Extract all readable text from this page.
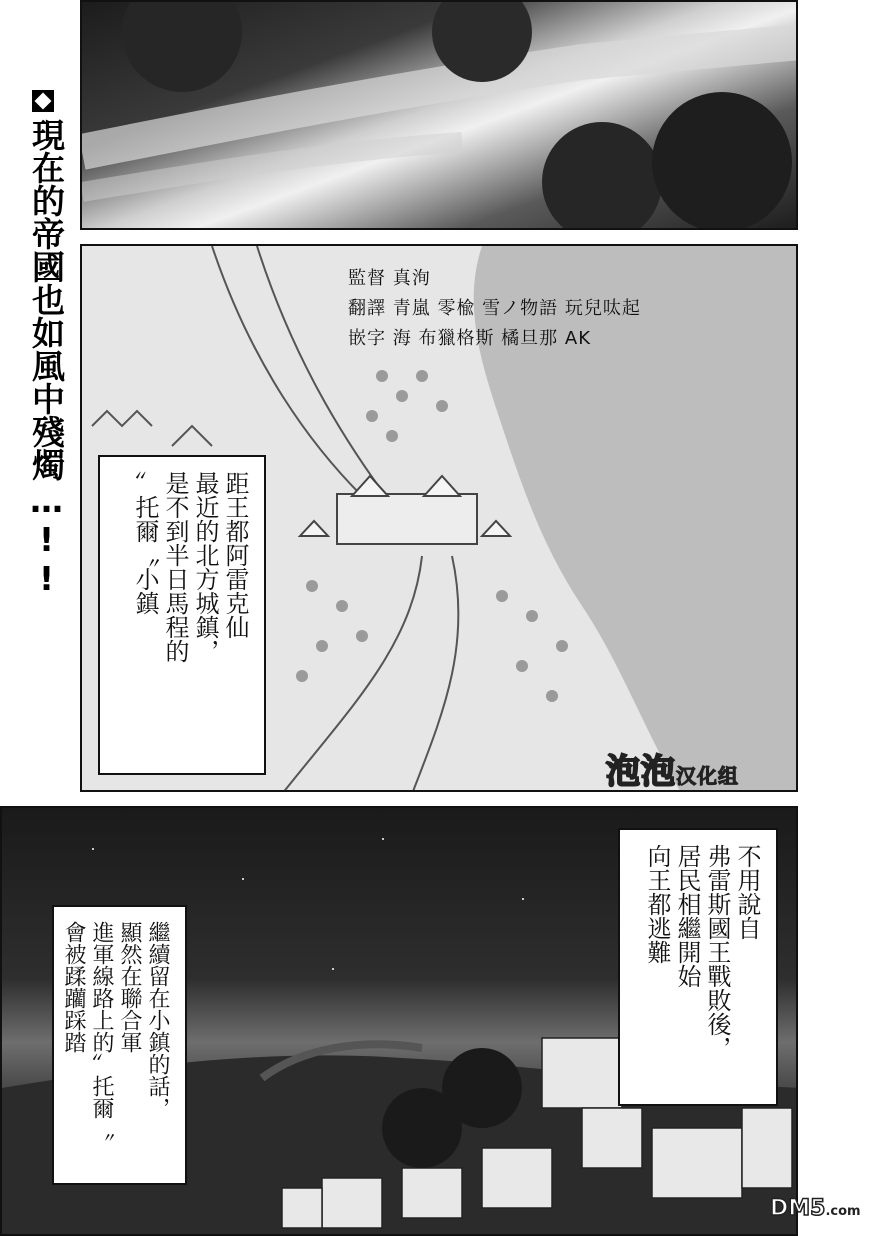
現在的帝國也如風中殘燭…!!	監督 真洵
翻譯 青嵐 零楡 雪ノ物語 玩兒呔起
嵌字 海 布獵格斯 橘旦那 AK
距王都阿雷克仙
最近的北方城鎮，
是不到半日馬程的
〞托爾〝小鎮
泡泡汉化组
不用說自
弗雷斯國王戰敗後，
居民相繼開始
向王都逃難
繼續留在小鎮的話，
顯然在聯合軍
進軍線路上的〞托爾〝
會被蹂躪踩踏
DM5.com
